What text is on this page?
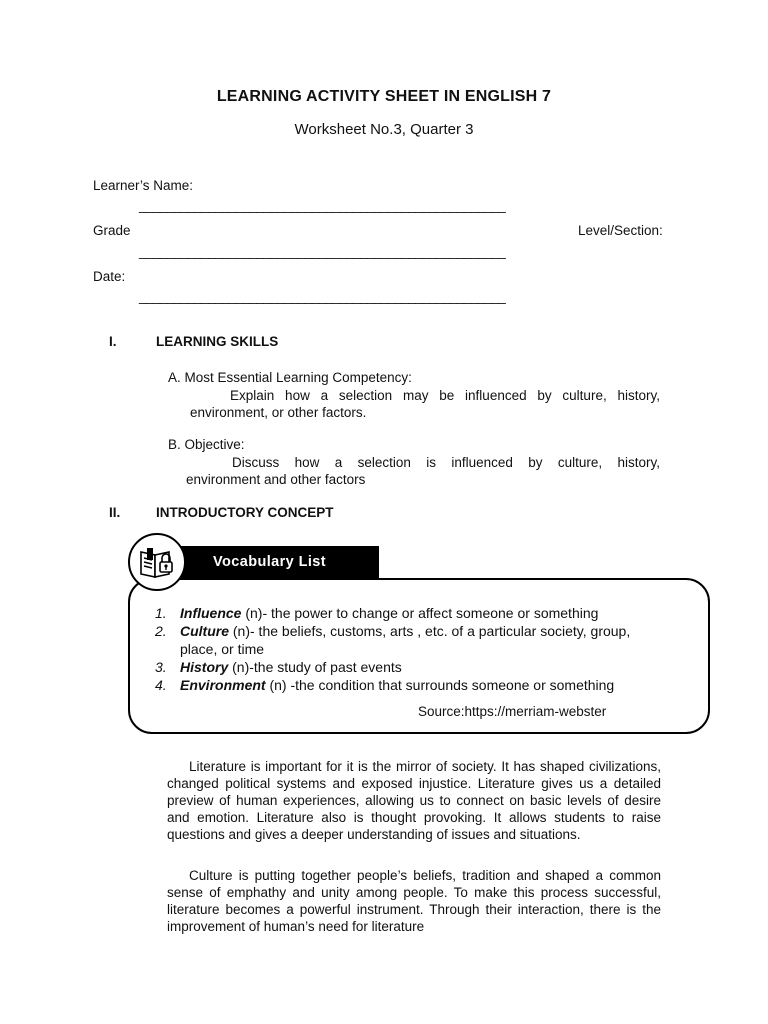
LEARNING ACTIVITY SHEET IN ENGLISH 7
Worksheet No.3, Quarter 3
Learner’s Name:
_____________________________________________________
Grade	Level/Section:
_____________________________________________________
Date:
_____________________________________________________
I.	LEARNING SKILLS
A. Most Essential Learning Competency:
Explain how a selection may be influenced by culture, history,
environment, or other factors.
B. Objective:
Discuss how a selection is influenced by culture, history,
environment and other factors
II.	INTRODUCTORY CONCEPT
Vocabulary List
1. Influence (n)- the power to change or affect someone or something
2. Culture (n)- the beliefs, customs, arts , etc. of a particular society, group, place, or time
3. History (n)-the study of past events
4. Environment (n) -the condition that surrounds someone or something
Source:https://merriam-webster
Literature is important for it is the mirror of society. It has shaped civilizations, changed political systems and exposed injustice. Literature gives us a detailed preview of human experiences, allowing us to connect on basic levels of desire and emotion. Literature also is thought provoking. It allows students to raise questions and gives a deeper understanding of issues and situations.
Culture is putting together people’s beliefs, tradition and shaped a common sense of emphathy and unity among people. To make this process successful, literature becomes a powerful instrument. Through their interaction, there is the improvement of human’s need for literature
